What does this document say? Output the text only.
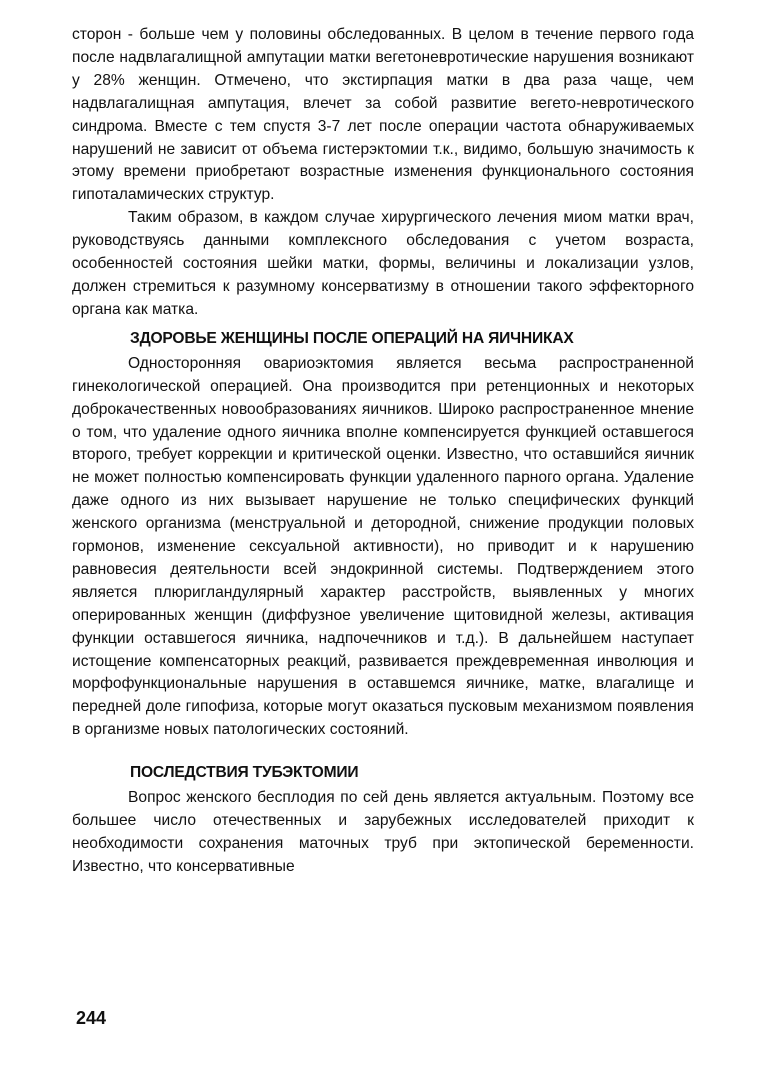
сторон - больше чем у половины обследованных. В целом в течение первого года после надвлагалищной ампутации матки вегетоневротические нарушения возникают у 28% женщин. Отмечено, что экстирпация матки в два раза чаще, чем надвлагалищная ампутация, влечет за собой развитие вегето-невротического синдрома. Вместе с тем спустя 3-7 лет после операции частота обнаруживаемых нарушений не зависит от объема гистерэктомии т.к., видимо, большую значимость к этому времени приобретают возрастные изменения функционального состояния гипоталамических структур.

Таким образом, в каждом случае хирургического лечения миом матки врач, руководствуясь данными комплексного обследования с учетом возраста, особенностей состояния шейки матки, формы, величины и локализации узлов, должен стремиться к разумному консерватизму в отношении такого эффекторного органа как матка.

ЗДОРОВЬЕ ЖЕНЩИНЫ ПОСЛЕ ОПЕРАЦИЙ НА ЯИЧНИКАХ

Односторонняя овариоэктомия является весьма распространенной гинекологической операцией. Она производится при ретенционных и некоторых доброкачественных новообразованиях яичников. Широко распространенное мнение о том, что удаление одного яичника вполне компенсируется функцией оставшегося второго, требует коррекции и критической оценки. Известно, что оставшийся яичник не может полностью компенсировать функции удаленного парного органа. Удаление даже одного из них вызывает нарушение не только специфических функций женского организма (менструальной и детородной, снижение продукции половых гормонов, изменение сексуальной активности), но приводит и к нарушению равновесия деятельности всей эндокринной системы. Подтверждением этого является плюригландулярный характер расстройств, выявленных у многих оперированных женщин (диффузное увеличение щитовидной железы, активация функции оставшегося яичника, надпочечников и т.д.). В дальнейшем наступает истощение компенсаторных реакций, развивается преждевременная инволюция и морфофункциональные нарушения в оставшемся яичнике, матке, влагалище и передней доле гипофиза, которые могут оказаться пусковым механизмом появления в организме новых патологических состояний.

ПОСЛЕДСТВИЯ ТУБЭКТОМИИ

Вопрос женского бесплодия по сей день является актуальным. Поэтому все большее число отечественных и зарубежных исследователей приходит к необходимости сохранения маточных труб при эктопической беременности. Известно, что консервативные

244
